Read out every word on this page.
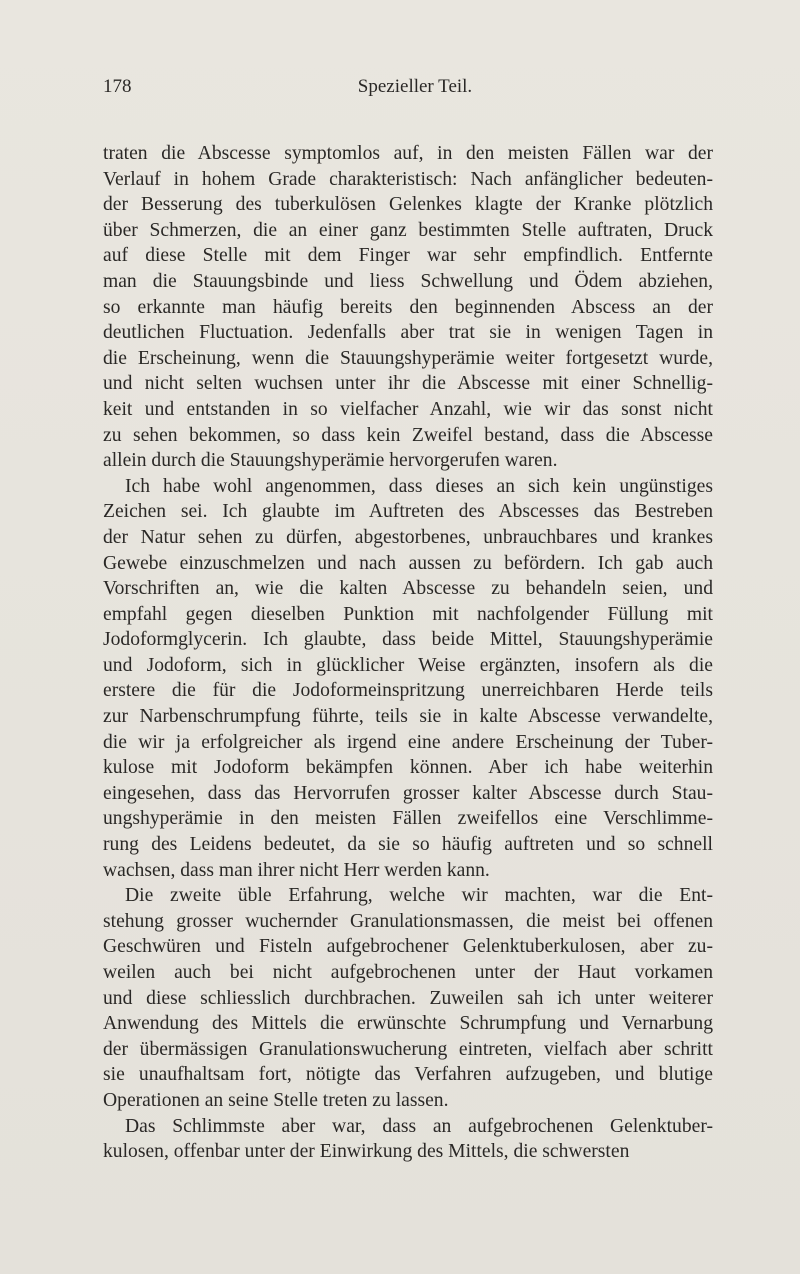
178	Spezieller Teil.
traten die Abscesse symptomlos auf, in den meisten Fällen war der
Verlauf in hohem Grade charakteristisch: Nach anfänglicher bedeuten-
der Besserung des tuberkulösen Gelenkes klagte der Kranke plötzlich
über Schmerzen, die an einer ganz bestimmten Stelle auftraten, Druck
auf diese Stelle mit dem Finger war sehr empfindlich. Entfernte
man die Stauungsbinde und liess Schwellung und Ödem abziehen,
so erkannte man häufig bereits den beginnenden Abscess an der
deutlichen Fluctuation. Jedenfalls aber trat sie in wenigen Tagen in
die Erscheinung, wenn die Stauungshyperämie weiter fortgesetzt wurde,
und nicht selten wuchsen unter ihr die Abscesse mit einer Schnellig-
keit und entstanden in so vielfacher Anzahl, wie wir das sonst nicht
zu sehen bekommen, so dass kein Zweifel bestand, dass die Abscesse
allein durch die Stauungshyperämie hervorgerufen waren.
Ich habe wohl angenommen, dass dieses an sich kein ungünstiges
Zeichen sei. Ich glaubte im Auftreten des Abscesses das Bestreben
der Natur sehen zu dürfen, abgestorbenes, unbrauchbares und krankes
Gewebe einzuschmelzen und nach aussen zu befördern. Ich gab auch
Vorschriften an, wie die kalten Abscesse zu behandeln seien, und
empfahl gegen dieselben Punktion mit nachfolgender Füllung mit
Jodoformglycerin. Ich glaubte, dass beide Mittel, Stauungshyperämie
und Jodoform, sich in glücklicher Weise ergänzten, insofern als die
erstere die für die Jodoformeinspritzung unerreichbaren Herde teils
zur Narbenschrumpfung führte, teils sie in kalte Abscesse verwandelte,
die wir ja erfolgreicher als irgend eine andere Erscheinung der Tuber-
kulose mit Jodoform bekämpfen können. Aber ich habe weiterhin
eingesehen, dass das Hervorrufen grosser kalter Abscesse durch Stau-
ungshyperämie in den meisten Fällen zweifellos eine Verschlimme-
rung des Leidens bedeutet, da sie so häufig auftreten und so schnell
wachsen, dass man ihrer nicht Herr werden kann.
Die zweite üble Erfahrung, welche wir machten, war die Ent-
stehung grosser wuchernder Granulationsmassen, die meist bei offenen
Geschwüren und Fisteln aufgebrochener Gelenktuberkulosen, aber zu-
weilen auch bei nicht aufgebrochenen unter der Haut vorkamen
und diese schliesslich durchbrachen. Zuweilen sah ich unter weiterer
Anwendung des Mittels die erwünschte Schrumpfung und Vernarbung
der übermässigen Granulationswucherung eintreten, vielfach aber schritt
sie unaufhaltsam fort, nötigte das Verfahren aufzugeben, und blutige
Operationen an seine Stelle treten zu lassen.
Das Schlimmste aber war, dass an aufgebrochenen Gelenktuber-
kulosen, offenbar unter der Einwirkung des Mittels, die schwersten
